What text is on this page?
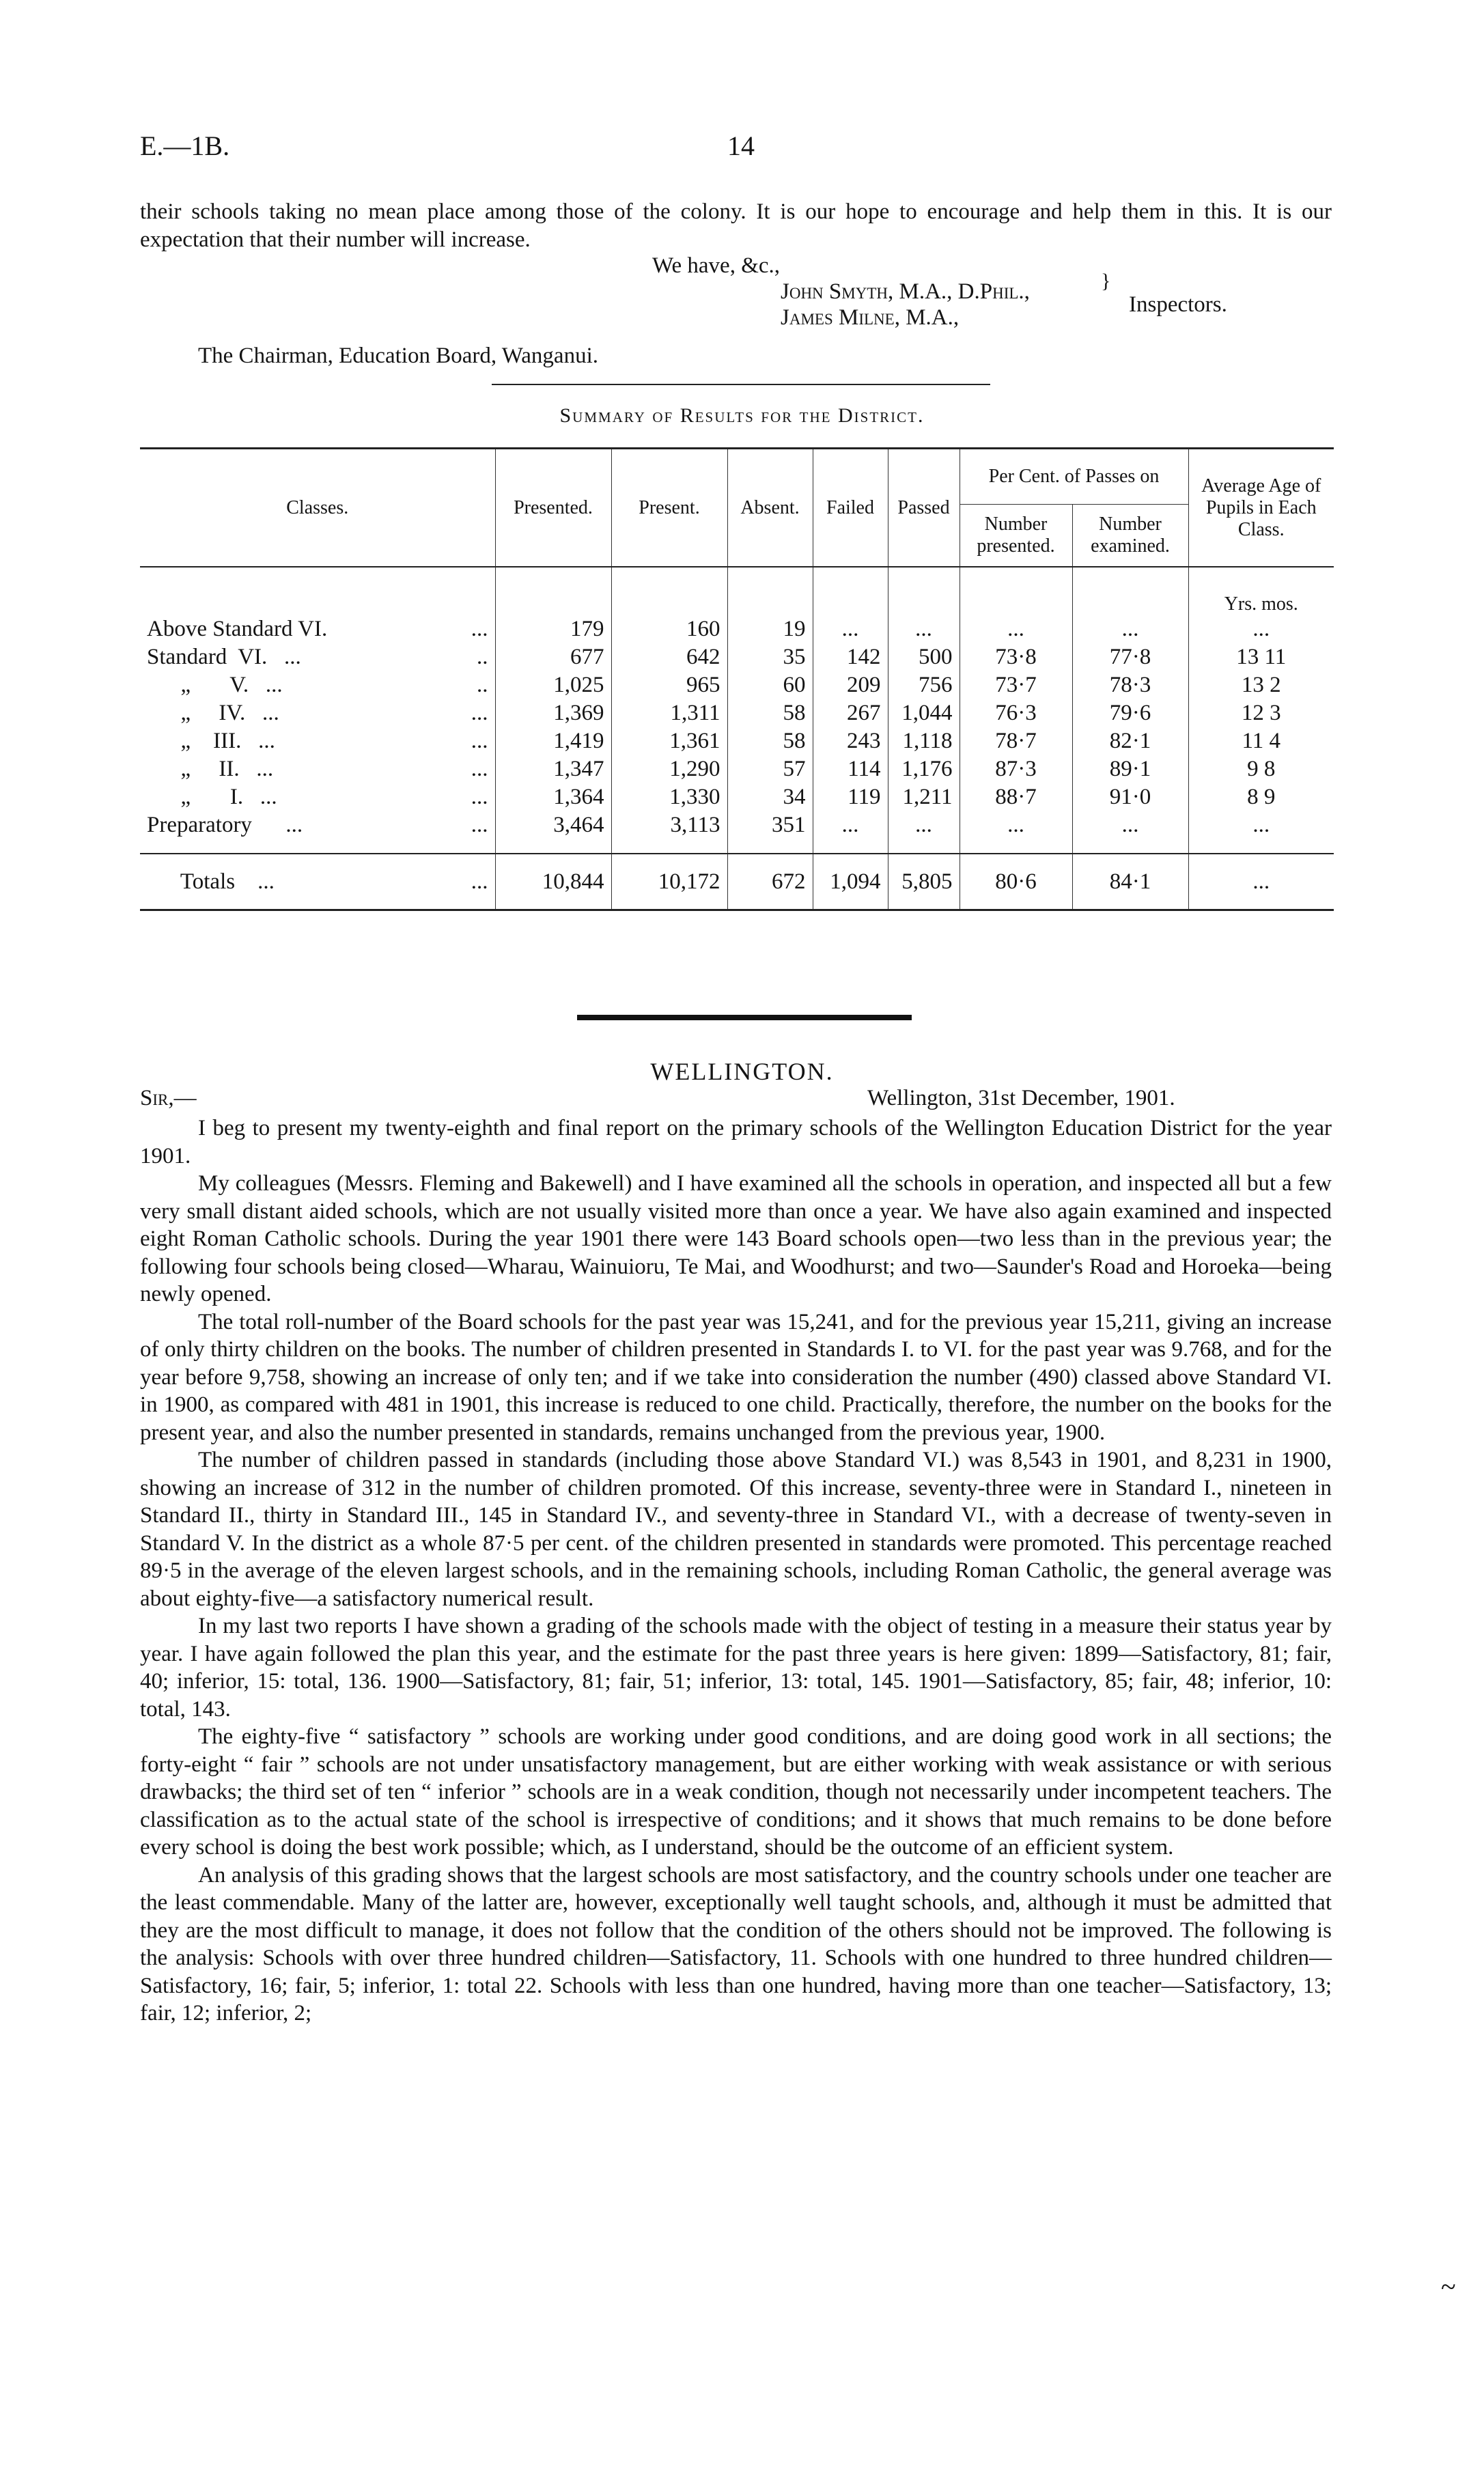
E.—1B.	14

their schools taking no mean place among those of the colony. It is our hope to encourage and help them in this. It is our expectation that their number will increase.

We have, &c.,
John Smyth, M.A., D.Phil.,
James Milne, M.A.,
}
Inspectors.
The Chairman, Education Board, Wanganui.
Summary of Results for the District.
Classes.	Presented.	Present.	Absent.	Failed	Passed	Per Cent. of Passes on		Average Age of Pupils in Each Class.
						Number presented.	Number examined.	
								Yrs. mos.
Above Standard VI. ...	179	160	19	...	...	...	...	...
Standard  VI.   ... ..	677	642	35	142	500	73·8	77·8	13 11
„       V.   ... ..	1,025	965	60	209	756	73·7	78·3	13 2
„     IV.   ... ...	1,369	1,311	58	267	1,044	76·3	79·6	12 3
„    III.   ... ...	1,419	1,361	58	243	1,118	78·7	82·1	11 4
„     II.   ... ...	1,347	1,290	57	114	1,176	87·3	89·1	9 8
„       I.   ... ...	1,364	1,330	34	119	1,211	88·7	91·0	8 9
Preparatory      ... ...	3,464	3,113	351	...	...	...	...	...

Totals    ... ...	10,844	10,172	672	1,094	5,805	80·6	84·1	...
WELLINGTON.
Sir,—	Wellington, 31st December, 1901.

I beg to present my twenty-eighth and final report on the primary schools of the Wellington Education District for the year 1901.

My colleagues (Messrs. Fleming and Bakewell) and I have examined all the schools in operation, and inspected all but a few very small distant aided schools, which are not usually visited more than once a year. We have also again examined and inspected eight Roman Catholic schools. During the year 1901 there were 143 Board schools open—two less than in the previous year; the following four schools being closed—Wharau, Wainuioru, Te Mai, and Woodhurst; and two—Saunder's Road and Horoeka—being newly opened.

The total roll-number of the Board schools for the past year was 15,241, and for the previous year 15,211, giving an increase of only thirty children on the books. The number of children presented in Standards I. to VI. for the past year was 9.768, and for the year before 9,758, showing an increase of only ten; and if we take into consideration the number (490) classed above Standard VI. in 1900, as compared with 481 in 1901, this increase is reduced to one child. Practically, therefore, the number on the books for the present year, and also the number presented in standards, remains unchanged from the previous year, 1900.

The number of children passed in standards (including those above Standard VI.) was 8,543 in 1901, and 8,231 in 1900, showing an increase of 312 in the number of children promoted. Of this increase, seventy-three were in Standard I., nineteen in Standard II., thirty in Standard III., 145 in Standard IV., and seventy-three in Standard VI., with a decrease of twenty-seven in Standard V. In the district as a whole 87·5 per cent. of the children presented in standards were promoted. This percentage reached 89·5 in the average of the eleven largest schools, and in the remaining schools, including Roman Catholic, the general average was about eighty-five—a satisfactory numerical result.

In my last two reports I have shown a grading of the schools made with the object of testing in a measure their status year by year. I have again followed the plan this year, and the estimate for the past three years is here given: 1899—Satisfactory, 81; fair, 40; inferior, 15: total, 136. 1900—Satisfactory, 81; fair, 51; inferior, 13: total, 145. 1901—Satisfactory, 85; fair, 48; inferior, 10: total, 143.

The eighty-five “ satisfactory ” schools are working under good conditions, and are doing good work in all sections; the forty-eight “ fair ” schools are not under unsatisfactory management, but are either working with weak assistance or with serious drawbacks; the third set of ten “ inferior ” schools are in a weak condition, though not necessarily under incompetent teachers. The classification as to the actual state of the school is irrespective of conditions; and it shows that much remains to be done before every school is doing the best work possible; which, as I understand, should be the outcome of an efficient system.

An analysis of this grading shows that the largest schools are most satisfactory, and the country schools under one teacher are the least commendable. Many of the latter are, however, exceptionally well taught schools, and, although it must be admitted that they are the most difficult to manage, it does not follow that the condition of the others should not be improved. The following is the analysis: Schools with over three hundred children—Satisfactory, 11. Schools with one hundred to three hundred children—Satisfactory, 16; fair, 5; inferior, 1: total 22. Schools with less than one hundred, having more than one teacher—Satisfactory, 13; fair, 12; inferior, 2;

~
